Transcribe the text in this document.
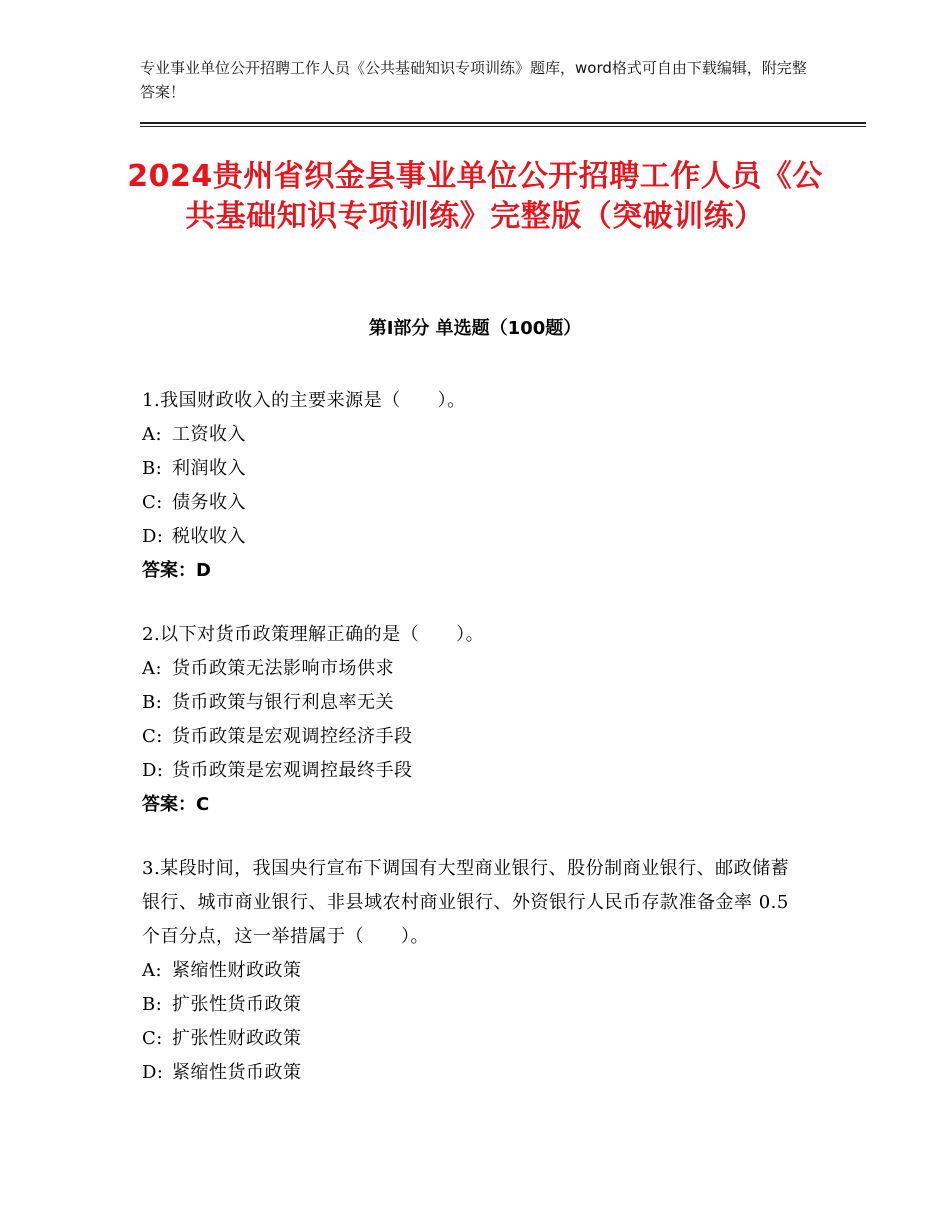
专业事业单位公开招聘工作人员《公共基础知识专项训练》题库，word格式可自由下载编辑，附完整答案！
2024贵州省织金县事业单位公开招聘工作人员《公共基础知识专项训练》完整版（突破训练）
第Ⅰ部分 单选题（100题）
1.我国财政收入的主要来源是（　　）。
A: 工资收入
B: 利润收入
C: 债务收入
D: 税收收入
答案：D
2.以下对货币政策理解正确的是（　　）。
A: 货币政策无法影响市场供求
B: 货币政策与银行利息率无关
C: 货币政策是宏观调控经济手段
D: 货币政策是宏观调控最终手段
答案：C
3.某段时间，我国央行宣布下调国有大型商业银行、股份制商业银行、邮政储蓄银行、城市商业银行、非县域农村商业银行、外资银行人民币存款准备金率 0.5 个百分点，这一举措属于（　　）。
A: 紧缩性财政政策
B: 扩张性货币政策
C: 扩张性财政政策
D: 紧缩性货币政策
